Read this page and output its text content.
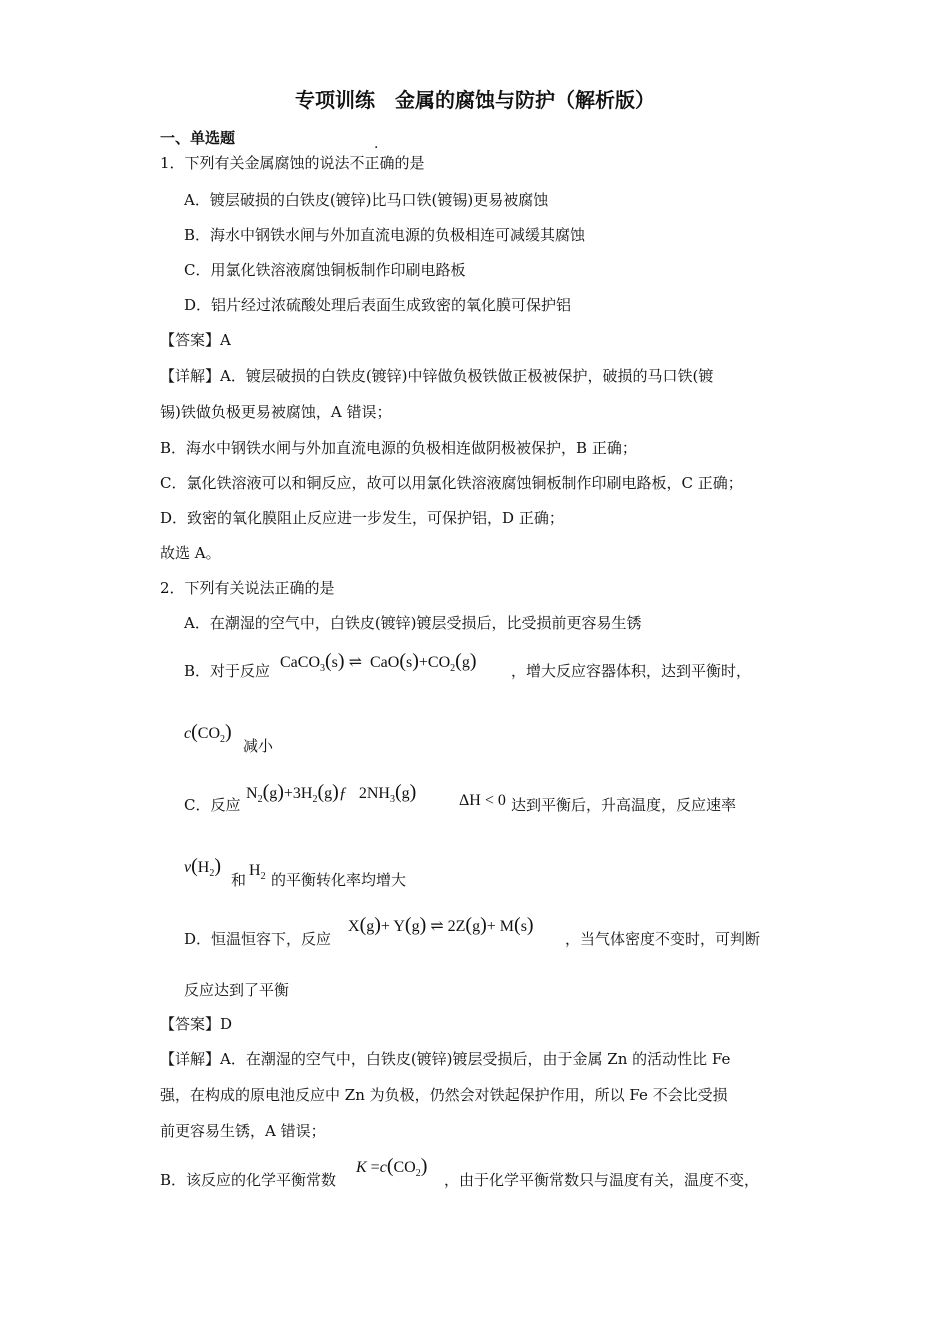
专项训练　金属的腐蚀与防护（解析版）
一、单选题
1．下列有关金属腐蚀的说法不正确的是
·
A．镀层破损的白铁皮(镀锌)比马口铁(镀锡)更易被腐蚀
B．海水中钢铁水闸与外加直流电源的负极相连可减缓其腐蚀
C．用氯化铁溶液腐蚀铜板制作印刷电路板
D．铝片经过浓硫酸处理后表面生成致密的氧化膜可保护铝
【答案】A
【详解】A．镀层破损的白铁皮(镀锌)中锌做负极铁做正极被保护，破损的马口铁(镀
锡)铁做负极更易被腐蚀，A 错误；
B．海水中钢铁水闸与外加直流电源的负极相连做阴极被保护，B 正确；
C．氯化铁溶液可以和铜反应，故可以用氯化铁溶液腐蚀铜板制作印刷电路板，C 正确；
D．致密的氧化膜阻止反应进一步发生，可保护铝，D 正确；
故选 A。
2．下列有关说法正确的是
A．在潮湿的空气中，白铁皮(镀锌)镀层受损后，比受损前更容易生锈
B．对于反应 CaCO$_3$(s) ⇌ $CaO(s)+CO_2(g)$ ，增大反应容器体积，达到平衡时，
$c(CO_2)$
减小
C．反应
$N_2(g)+3H_2(g)ƒ$ $2NH_3(g)$	ΔH < 0 达到平衡后，升高温度，反应速率
$v(H_2)$
和
$H_2$ 的平衡转化率均增大
D．恒温恒容下，反应
X(g)+ Y(g) ⇌ 2Z(g)+ M(s)
，当气体密度不变时，可判断
反应达到了平衡
【答案】D
【详解】A．在潮湿的空气中，白铁皮(镀锌)镀层受损后，由于金属 Zn 的活动性比 Fe
强，在构成的原电池反应中 Zn 为负极，仍然会对铁起保护作用，所以 Fe 不会比受损
前更容易生锈，A 错误；
B．该反应的化学平衡常数
$K =c(CO_2)$
，由于化学平衡常数只与温度有关，温度不变，
